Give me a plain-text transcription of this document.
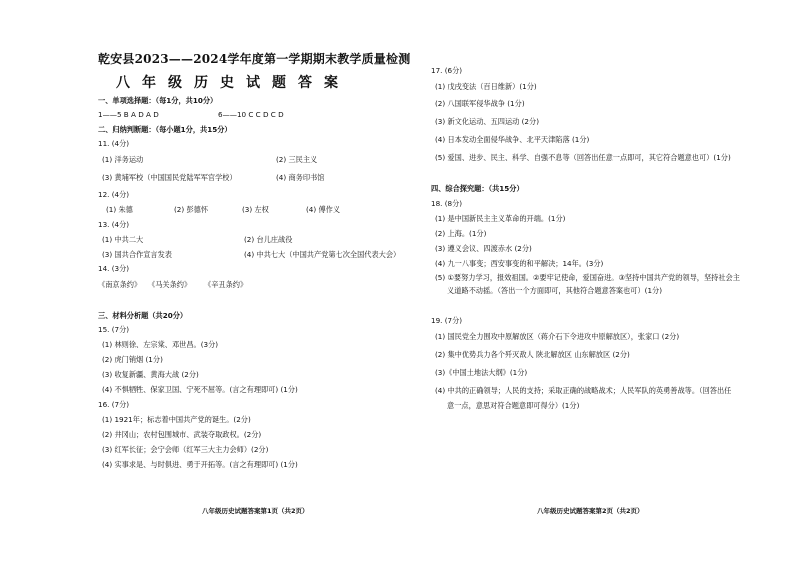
乾安县2023——2024学年度第一学期期末教学质量检测
八年级历史试题答案
一、单项选择题：（每1分，共10分）
1——5 B A D A D	6——10 C C D C D
二、归纳判断题：（每小题1分，共15分）
11. (4分)
(1) 洋务运动	(2) 三民主义
(3) 黄埔军校（中国国民党陆军军官学校）	(4) 商务印书馆
12. (4分)
(1) 朱德	(2) 彭德怀	(3) 左权	(4) 傅作义
13. (4分)
(1) 中共二大	(2) 台儿庄战役
(3) 国共合作宣言发表	(4) 中共七大（中国共产党第七次全国代表大会）
14. (3分)
《南京条约》 《马关条约》 《辛丑条约》
三、材料分析题（共20分）
15. (7分)
(1) 林则徐、左宗棠、邓世昌。(3分)
(2) 虎门销烟 (1分)
(3) 收复新疆、黄海大战 (2分)
(4) 不惧牺牲、保家卫国、宁死不屈等。(言之有理即可) (1分)
16. (7分)
(1) 1921年；标志着中国共产党的诞生。(2分)
(2) 井冈山；农村包围城市、武装夺取政权。(2分)
(3) 红军长征；会宁会师（红军三大主力会师）(2分)
(4) 实事求是、与时俱进、勇于开拓等。(言之有理即可) (1分)
八年级历史试题答案第1页（共2页）
17. (6分)
(1) 戊戌变法（百日维新）(1分)
(2) 八国联军侵华战争 (1分)
(3) 新文化运动、五四运动 (2分)
(4) 日本发动全面侵华战争、北平天津陷落 (1分)
(5) 爱国、进步、民主、科学、自强不息等（回答出任意一点即可，其它符合题意也可）(1分)
四、综合探究题：（共15分）
18. (8分)
(1) 是中国新民主主义革命的开端。(1分)
(2) 上海。(1分)
(3) 遵义会议、四渡赤水 (2分)
(4) 九一八事变；西安事变的和平解决；14年。(3分)
(5) ①要努力学习，报效祖国。②要牢记使命，爱国奋进。③坚持中国共产党的领导，坚持社会主
义道路不动摇。（答出一个方面即可，其他符合题意答案也可）(1分)
19. (7分)
(1) 国民党全力围攻中原解放区（蒋介石下令进攻中原解放区），张家口 (2分)
(2) 集中优势兵力各个歼灭敌人 陕北解放区 山东解放区 (2分)
(3)《中国土地法大纲》(1分)
(4) 中共的正确领导；人民的支持；采取正确的战略战术；人民军队的英勇善战等。（回答出任
意一点，意思对符合题意即可得分）(1分)
八年级历史试题答案第2页（共2页）
